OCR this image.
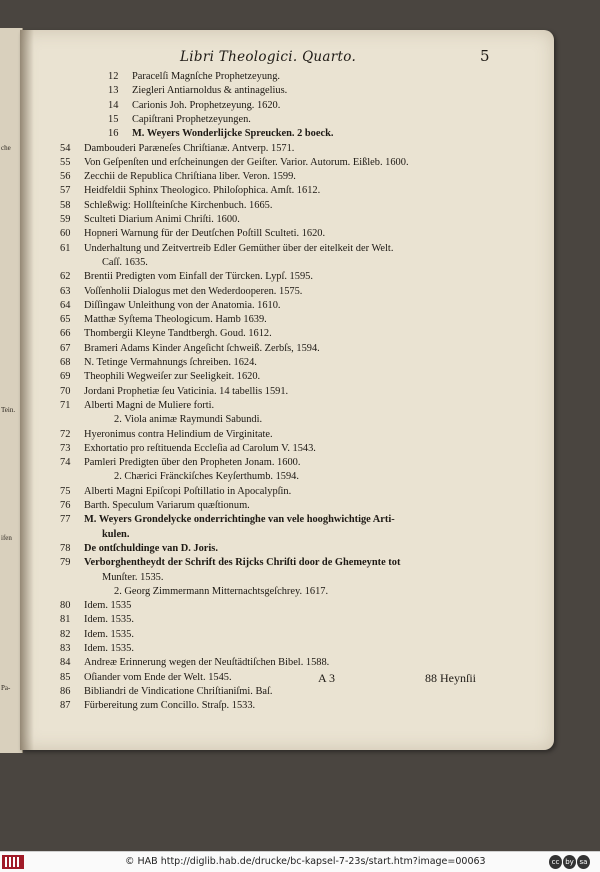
che
Tein.
ifen
Pa-
Libri Theologici. Quarto.	5
12 Paracelſi Magnſche Prophetzeyung.
13 Ziegleri Antiarnoldus & antinagelius.
14 Carionis Joh. Prophetzeyung. 1620.
15 Capiſtrani Prophetzeyungen.
16 M. Weyers Wonderlijcke Spreucken. 2 boeck.
54 Dambouderi Paræneſes Chriſtianæ. Antverp. 1571.
55 Von Geſpenſten und erſcheinungen der Geiſter. Varior. Autorum. Eißleb. 1600.
56 Zecchii de Republica Chriſtiana liber. Veron. 1599.
57 Heidfeldii Sphinx Theologico. Philoſophica. Amſt. 1612.
58 Schleßwig: Hollſteinſche Kirchenbuch. 1665.
59 Sculteti Diarium Animi Chriſti. 1600.
60 Hopneri Warnung für der Deutſchen Poſtill Sculteti. 1620.
61 Underhaltung und Zeitvertreib Edler Gemüther über der eitelkeit der Welt.
Caſſ. 1635.
62 Brentii Predigten vom Einfall der Türcken. Lypſ. 1595.
63 Voſſenholii Dialogus met den Wederdooperen. 1575.
64 Diſſingaw Unleithung von der Anatomia. 1610.
65 Matthæ Syſtema Theologicum. Hamb 1639.
66 Thombergii Kleyne Tandtbergh. Goud. 1612.
67 Brameri Adams Kinder Angeſicht ſchweiß. Zerbſs, 1594.
68 N. Tetinge Vermahnungs ſchreiben. 1624.
69 Theophili Wegweiſer zur Seeligkeit. 1620.
70 Jordani Prophetiæ ſeu Vaticinia. 14 tabellis 1591.
71 Alberti Magni de Muliere forti.
2. Viola animæ Raymundi Sabundi.
72 Hyeronimus contra Helindium de Virginitate.
73 Exhortatio pro reſtituenda Eccleſia ad Carolum V. 1543.
74 Pamleri Predigten über den Propheten Jonam. 1600.
2. Chærici Fränckiſches Keyſerthumb. 1594.
75 Alberti Magni Epiſcopi Poſtillatio in Apocalypſin.
76 Barth. Speculum Variarum quæſtionum.
77 M. Weyers Grondelycke onderrichtinghe van vele hooghwichtige Arti-
kulen.
78 De ontſchuldinge van D. Joris.
79 Verborghentheydt der Schrift des Rijcks Chriſti door de Ghemeynte tot
Munſter. 1535.
2. Georg Zimmermann Mitternachtsgeſchrey. 1617.
80 Idem. 1535
81 Idem. 1535.
82 Idem. 1535.
83 Idem. 1535.
84 Andreæ Erinnerung wegen der Neuſtädtiſchen Bibel. 1588.
85 Oſiander vom Ende der Welt. 1545.
86 Bibliandri de Vindicatione Chriſtianiſmi. Baſ.
87 Fürbereitung zum Concillo. Straſp. 1533.
A 3	88 Heynſii
© HAB http://diglib.hab.de/drucke/bc-kapsel-7-23s/start.htm?image=00063	cc by sa
